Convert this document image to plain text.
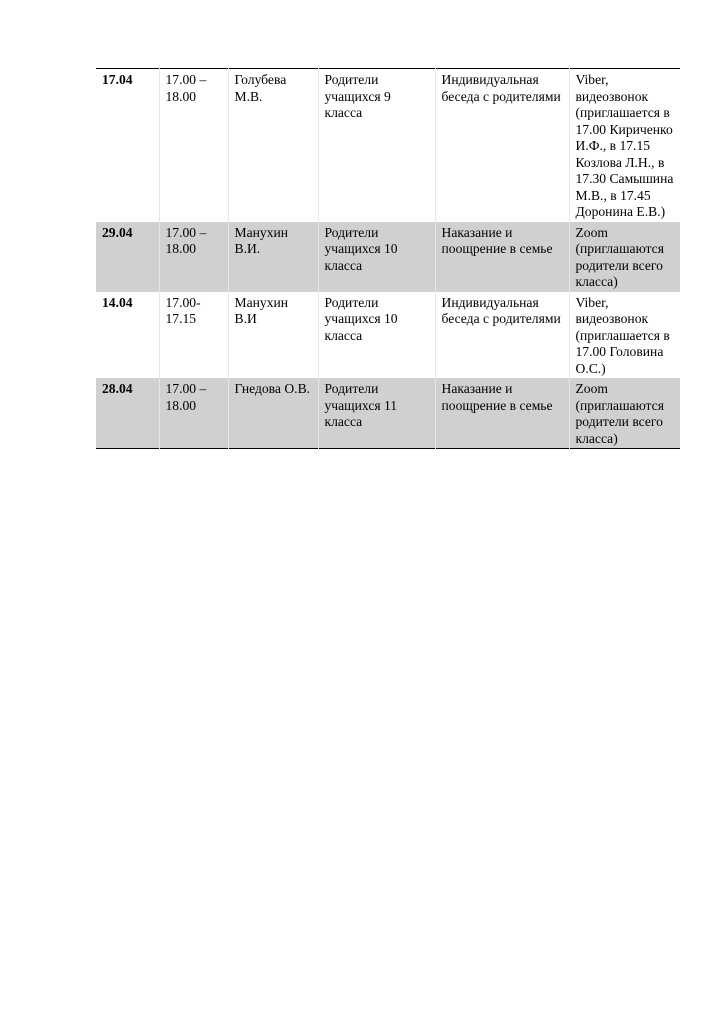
17.04	17.00 – 18.00	Голубева М.В.	Родители учащихся 9 класса	Индивидуальная беседа с родителями	Viber, видеозвонок (приглашается в 17.00 Кириченко И.Ф., в 17.15 Козлова Л.Н., в 17.30 Самышина М.В., в 17.45 Доронина Е.В.)
29.04	17.00 – 18.00	Манухин В.И.	Родители учащихся 10 класса	Наказание и поощрение в семье	Zoom (приглашаются родители всего класса)
14.04	17.00- 17.15	Манухин В.И	Родители учащихся 10 класса	Индивидуальная беседа с родителями	Viber, видеозвонок (приглашается в 17.00 Головина О.С.)
28.04	17.00 – 18.00	Гнедова О.В.	Родители учащихся 11 класса	Наказание и поощрение в семье	Zoom (приглашаются родители всего класса)
